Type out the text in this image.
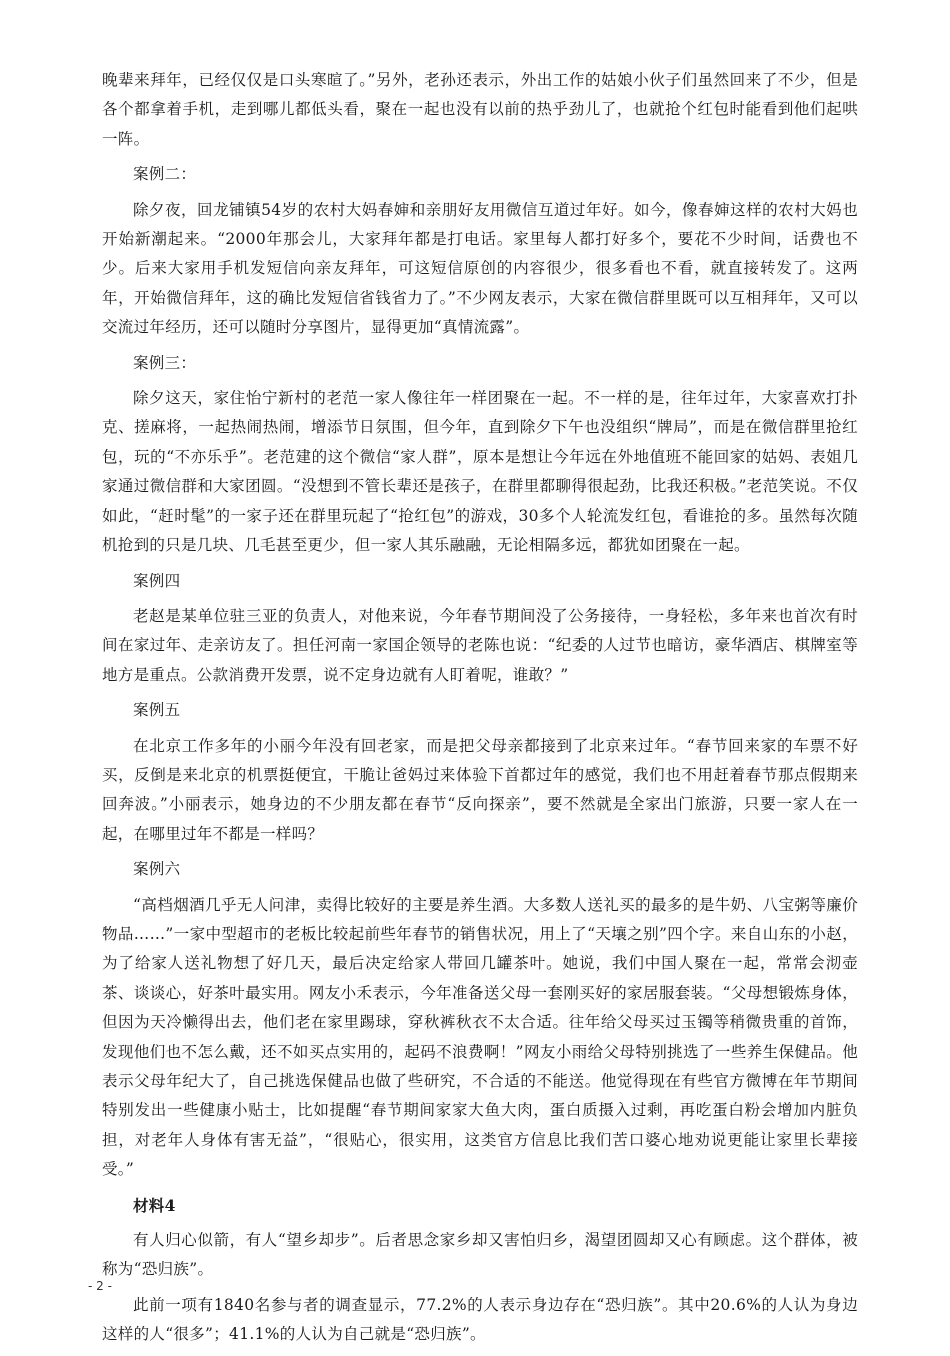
晚辈来拜年，已经仅仅是口头寒暄了。”另外，老孙还表示，外出工作的姑娘小伙子们虽然回来了不少，但是各个都拿着手机，走到哪儿都低头看，聚在一起也没有以前的热乎劲儿了，也就抢个红包时能看到他们起哄一阵。

案例二：

除夕夜，回龙铺镇54岁的农村大妈春婶和亲朋好友用微信互道过年好。如今，像春婶这样的农村大妈也开始新潮起来。“2000年那会儿，大家拜年都是打电话。家里每人都打好多个，要花不少时间，话费也不少。后来大家用手机发短信向亲友拜年，可这短信原创的内容很少，很多看也不看，就直接转发了。这两年，开始微信拜年，这的确比发短信省钱省力了。”不少网友表示，大家在微信群里既可以互相拜年，又可以交流过年经历，还可以随时分享图片，显得更加“真情流露”。

案例三：

除夕这天，家住怡宁新村的老范一家人像往年一样团聚在一起。不一样的是，往年过年，大家喜欢打扑克、搓麻将，一起热闹热闹，增添节日氛围，但今年，直到除夕下午也没组织“牌局”，而是在微信群里抢红包，玩的“不亦乐乎”。老范建的这个微信“家人群”，原本是想让今年远在外地值班不能回家的姑妈、表姐几家通过微信群和大家团圆。“没想到不管长辈还是孩子，在群里都聊得很起劲，比我还积极。”老范笑说。不仅如此，“赶时髦”的一家子还在群里玩起了“抢红包”的游戏，30多个人轮流发红包，看谁抢的多。虽然每次随机抢到的只是几块、几毛甚至更少，但一家人其乐融融，无论相隔多远，都犹如团聚在一起。

案例四

老赵是某单位驻三亚的负责人，对他来说，今年春节期间没了公务接待，一身轻松，多年来也首次有时间在家过年、走亲访友了。担任河南一家国企领导的老陈也说：“纪委的人过节也暗访，豪华酒店、棋牌室等地方是重点。公款消费开发票，说不定身边就有人盯着呢，谁敢？”

案例五

在北京工作多年的小丽今年没有回老家，而是把父母亲都接到了北京来过年。“春节回来家的车票不好买，反倒是来北京的机票挺便宜，干脆让爸妈过来体验下首都过年的感觉，我们也不用赶着春节那点假期来回奔波。”小丽表示，她身边的不少朋友都在春节“反向探亲”，要不然就是全家出门旅游，只要一家人在一起，在哪里过年不都是一样吗？

案例六

“高档烟酒几乎无人问津，卖得比较好的主要是养生酒。大多数人送礼买的最多的是牛奶、八宝粥等廉价物品……”一家中型超市的老板比较起前些年春节的销售状况，用上了“天壤之别”四个字。来自山东的小赵，为了给家人送礼物想了好几天，最后决定给家人带回几罐茶叶。她说，我们中国人聚在一起，常常会沏壶茶、谈谈心，好茶叶最实用。网友小禾表示，今年准备送父母一套刚买好的家居服套装。“父母想锻炼身体，但因为天冷懒得出去，他们老在家里踢球，穿秋裤秋衣不太合适。往年给父母买过玉镯等稍微贵重的首饰，发现他们也不怎么戴，还不如买点实用的，起码不浪费啊！”网友小雨给父母特别挑选了一些养生保健品。他表示父母年纪大了，自己挑选保健品也做了些研究，不合适的不能送。他觉得现在有些官方微博在年节期间特别发出一些健康小贴士，比如提醒“春节期间家家大鱼大肉，蛋白质摄入过剩，再吃蛋白粉会增加内脏负担，对老年人身体有害无益”，“很贴心，很实用，这类官方信息比我们苦口婆心地劝说更能让家里长辈接受。”

材料4

有人归心似箭，有人“望乡却步”。后者思念家乡却又害怕归乡，渴望团圆却又心有顾虑。这个群体，被称为“恐归族”。

此前一项有1840名参与者的调查显示，77.2%的人表示身边存在“恐归族”。其中20.6%的人认为身边这样的人“很多”；41.1%的人认为自己就是“恐归族”。

- 2 -
